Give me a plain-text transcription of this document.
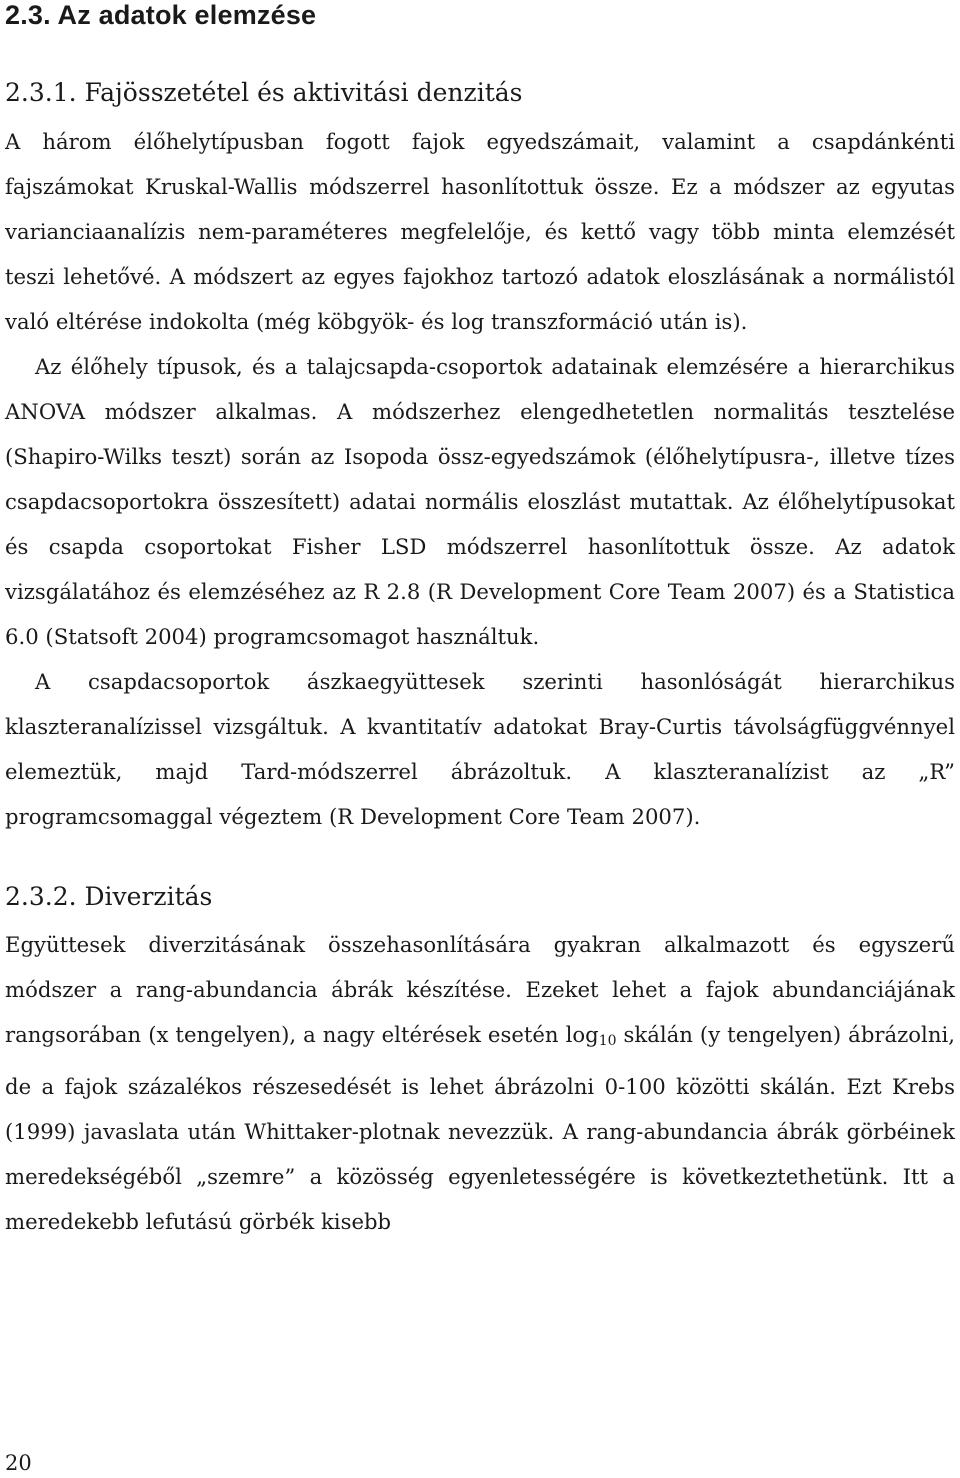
2.3. Az adatok elemzése
2.3.1. Fajösszetétel és aktivitási denzitás

A három élőhelytípusban fogott fajok egyedszámait, valamint a csapdánkénti fajszámokat Kruskal-Wallis módszerrel hasonlítottuk össze. Ez a módszer az egyutas varianciaanalízis nem-paraméteres megfelelője, és kettő vagy több minta elemzését teszi lehetővé. A módszert az egyes fajokhoz tartozó adatok eloszlásának a normálistól való eltérése indokolta (még köbgyök- és log transzformáció után is).

Az élőhely típusok, és a talajcsapda-csoportok adatainak elemzésére a hierarchikus ANOVA módszer alkalmas. A módszerhez elengedhetetlen normalitás tesztelése (Shapiro-Wilks teszt) során az Isopoda össz-egyedszámok (élőhelytípusra-, illetve tízes csapdacsoportokra összesített) adatai normális eloszlást mutattak. Az élőhelytípusokat és csapda csoportokat Fisher LSD módszerrel hasonlítottuk össze. Az adatok vizsgálatához és elemzéséhez az R 2.8 (R Development Core Team 2007) és a Statistica 6.0 (Statsoft 2004) programcsomagot használtuk.

A csapdacsoportok ászkaegyüttesek szerinti hasonlóságát hierarchikus klaszteranalízissel vizsgáltuk. A kvantitatív adatokat Bray-Curtis távolságfüggvénnyel elemeztük, majd Tard-módszerrel ábrázoltuk. A klaszteranalízist az „R” programcsomaggal végeztem (R Development Core Team 2007).

2.3.2. Diverzitás

Együttesek diverzitásának összehasonlítására gyakran alkalmazott és egyszerű módszer a rang-abundancia ábrák készítése. Ezeket lehet a fajok abundanciájának rangsorában (x tengelyen), a nagy eltérések esetén $\log_{10}$ skálán (y tengelyen) ábrázolni, de a fajok százalékos részesedését is lehet ábrázolni 0-100 közötti skálán. Ezt Krebs (1999) javaslata után Whittaker-plotnak nevezzük. A rang-abundancia ábrák görbéinek meredekségéből „szemre” a közösség egyenletességére is következtethetünk. Itt a meredekebb lefutású görbék kisebb

20
